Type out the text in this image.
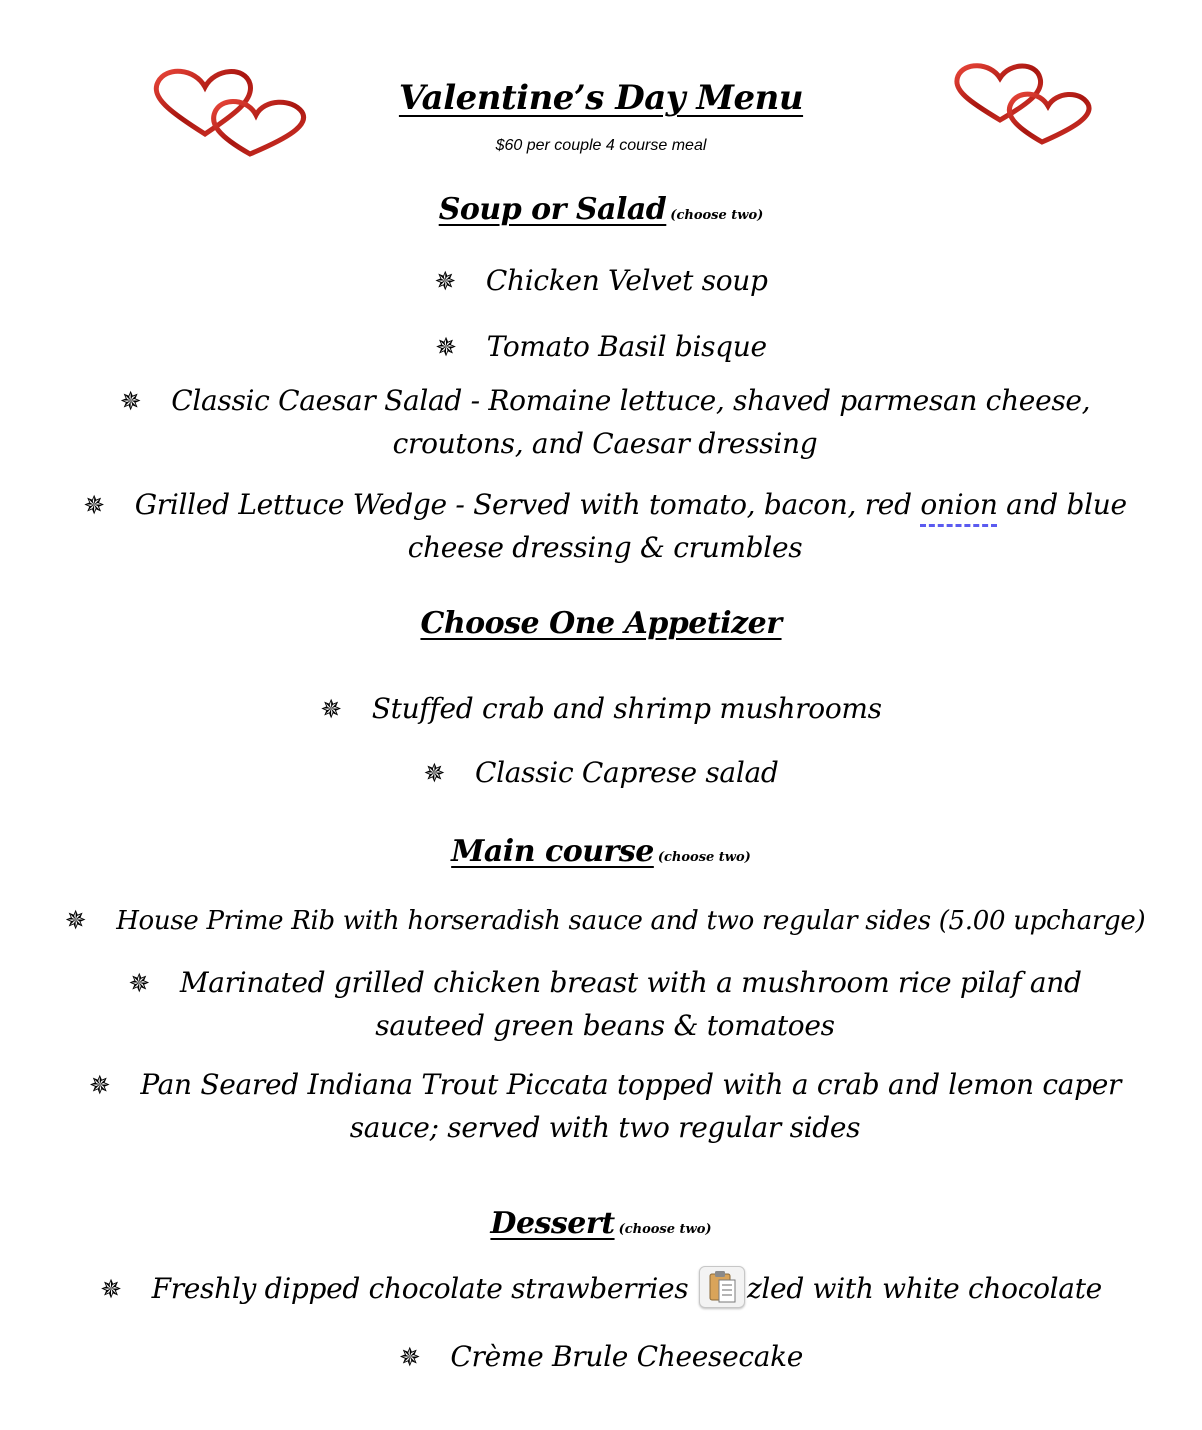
Valentine’s Day Menu
$60 per couple 4 course meal
Soup or Salad (choose two)
✵ Chicken Velvet soup
✵ Tomato Basil bisque
✵ Classic Caesar Salad - Romaine lettuce, shaved parmesan cheese, croutons, and Caesar dressing
✵ Grilled Lettuce Wedge - Served with tomato, bacon, red onion and blue cheese dressing & crumbles
Choose One Appetizer
✵ Stuffed crab and shrimp mushrooms
✵ Classic Caprese salad
Main course (choose two)
✵ House Prime Rib with horseradish sauce and two regular sides (5.00 upcharge)
✵ Marinated grilled chicken breast with a mushroom rice pilaf and sauteed green beans & tomatoes
✵ Pan Seared Indiana Trout Piccata topped with a crab and lemon caper sauce; served with two regular sides
Dessert (choose two)
✵ Freshly dipped chocolate strawberries zled with white chocolate
✵ Crème Brule Cheesecake
